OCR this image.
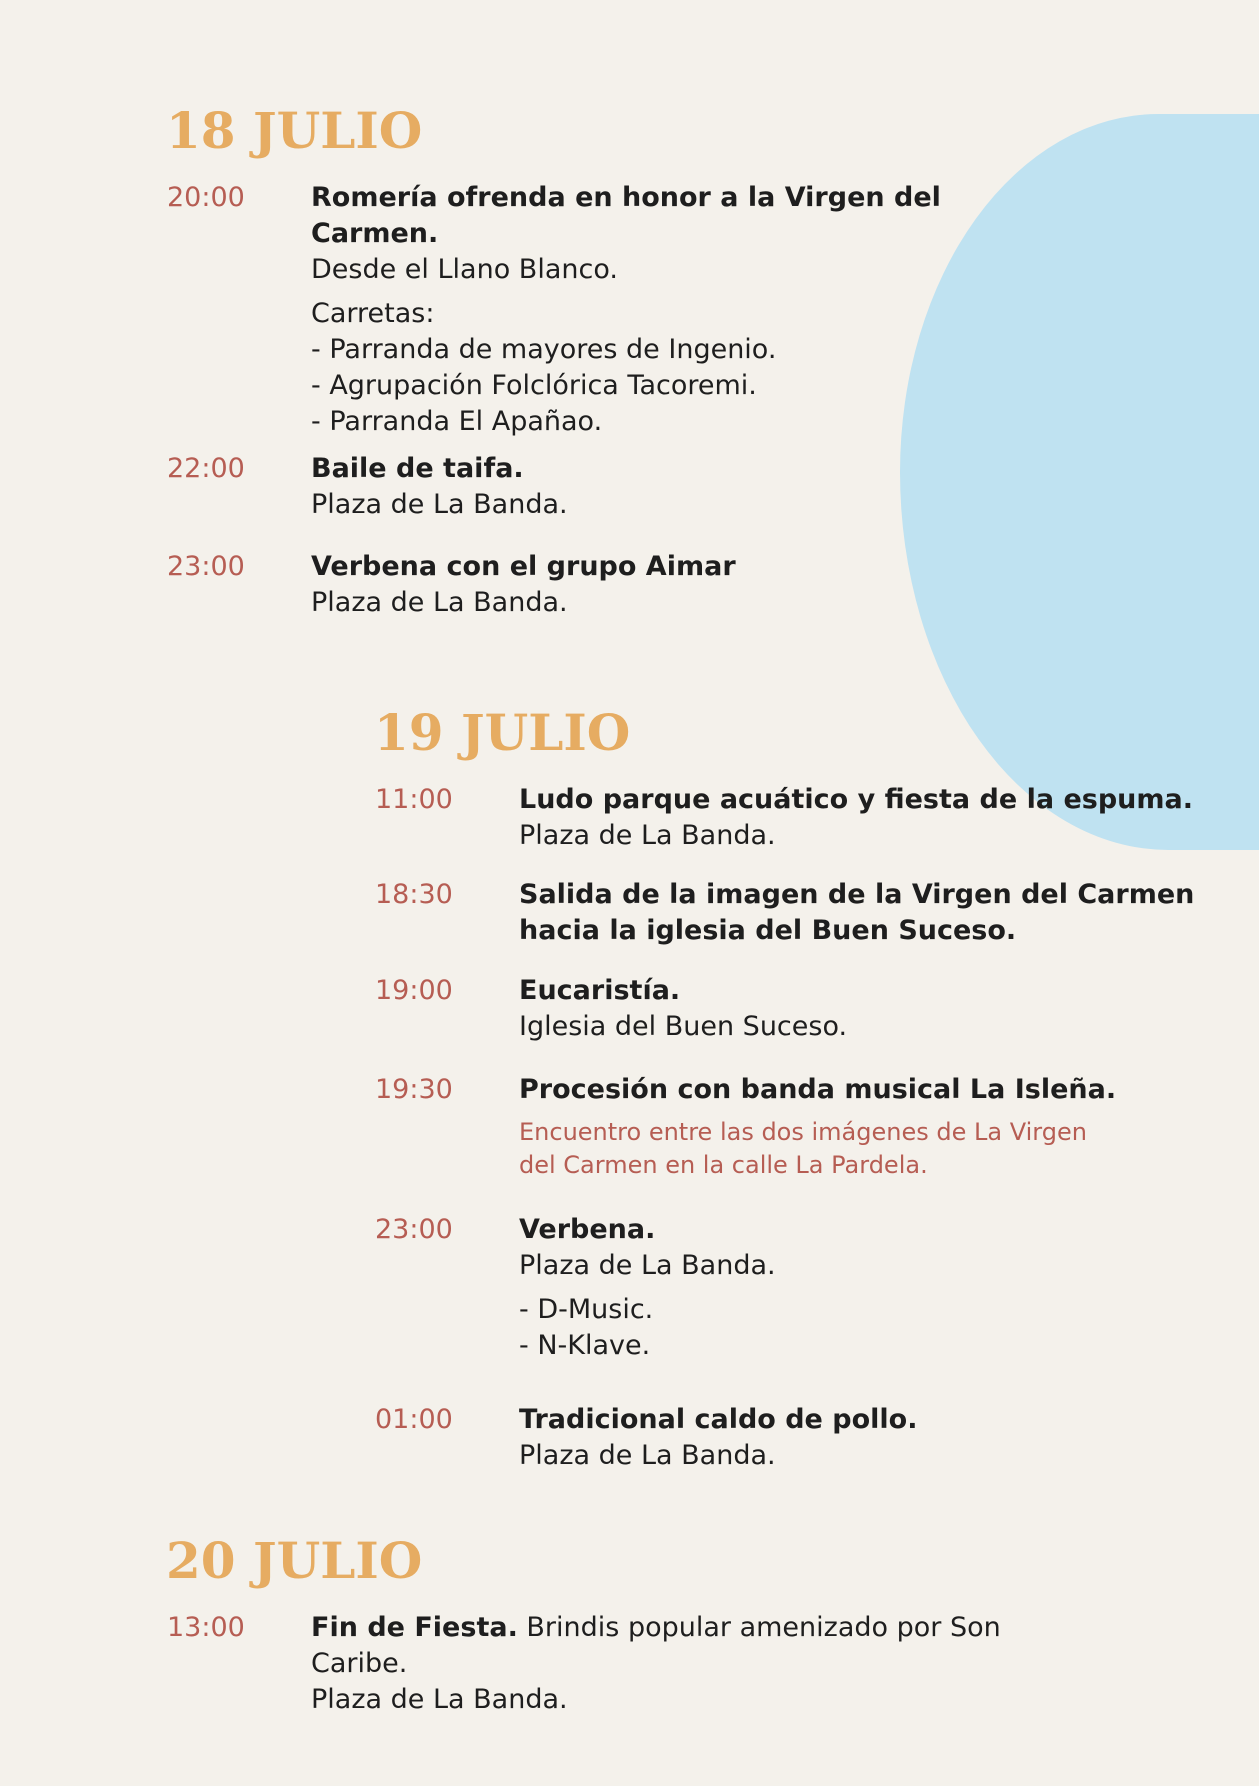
18 JULIO
20:00 Romería ofrenda en honor a la Virgen del Carmen.
Desde el Llano Blanco.
Carretas:
- Parranda de mayores de Ingenio.
- Agrupación Folclórica Tacoremi.
- Parranda El Apañao.
22:00 Baile de taifa.
Plaza de La Banda.
23:00 Verbena con el grupo Aimar
Plaza de La Banda.
19 JULIO
11:00 Ludo parque acuático y fiesta de la espuma.
Plaza de La Banda.
18:30 Salida de la imagen de la Virgen del Carmen
hacia la iglesia del Buen Suceso.
19:00 Eucaristía.
Iglesia del Buen Suceso.
19:30 Procesión con banda musical La Isleña.
Encuentro entre las dos imágenes de La Virgen
del Carmen en la calle La Pardela.
23:00 Verbena.
Plaza de La Banda.
- D-Music.
- N-Klave.
01:00 Tradicional caldo de pollo.
Plaza de La Banda.
20 JULIO
13:00 Fin de Fiesta. Brindis popular amenizado por Son Caribe.
Plaza de La Banda.
